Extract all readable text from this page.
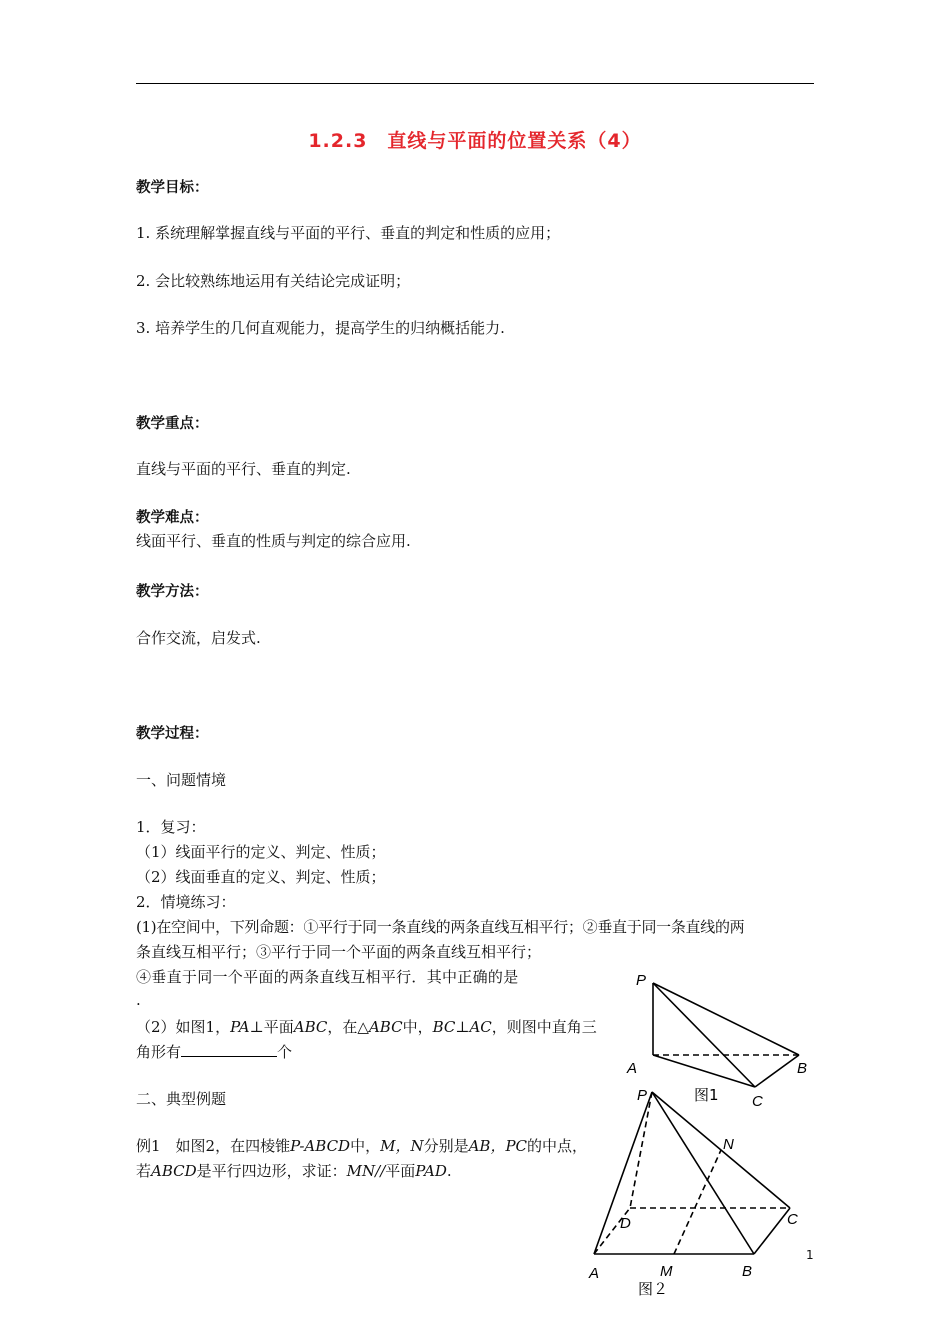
1.2.3　直线与平面的位置关系（4）
教学目标：
1. 系统理解掌握直线与平面的平行、垂直的判定和性质的应用；
2. 会比较熟练地运用有关结论完成证明；
3. 培养学生的几何直观能力，提高学生的归纳概括能力.
教学重点：
直线与平面的平行、垂直的判定.
教学难点：
线面平行、垂直的性质与判定的综合应用.
教学方法：
合作交流，启发式.
教学过程：
一、问题情境
1．复习：
（1）线面平行的定义、判定、性质；
（2）线面垂直的定义、判定、性质；
2．情境练习：
(1)在空间中，下列命题：①平行于同一条直线的两条直线互相平行；②垂直于同一条直线的两
条直线互相平行；③平行于同一个平面的两条直线互相平行；
④垂直于同一个平面的两条直线互相平行．其中正确的是
.
（2）如图1，PA⊥平面ABC，在△ABC中，BC⊥AC，则图中直角三
角形有	个
二、典型例题
例1　如图2，在四棱锥P-ABCD中，M，N分别是AB，PC的中点，
若ABCD是平行四边形，求证：MN//平面PAD.
P
A	B
C
图1
P
N
D	C
A	M	B
图２
1
